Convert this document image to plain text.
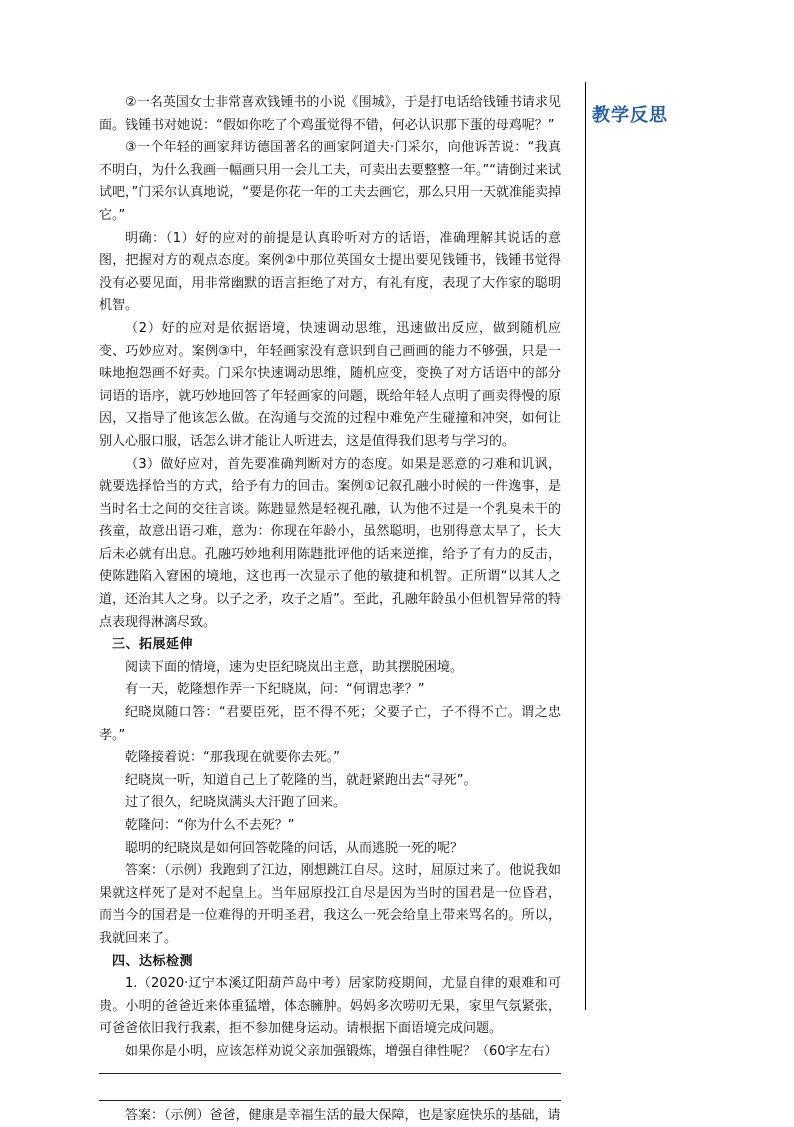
教学反思

②一名英国女士非常喜欢钱锺书的小说《围城》，于是打电话给钱锺书请求见面。钱锺书对她说：“假如你吃了个鸡蛋觉得不错，何必认识那下蛋的母鸡呢？”

③一个年轻的画家拜访德国著名的画家阿道夫·门采尔，向他诉苦说：“我真不明白，为什么我画一幅画只用一会儿工夫，可卖出去要整整一年。”“请倒过来试试吧，”门采尔认真地说，“要是你花一年的工夫去画它，那么只用一天就准能卖掉它。”

明确：（1）好的应对的前提是认真聆听对方的话语，准确理解其说话的意图，把握对方的观点态度。案例②中那位英国女士提出要见钱锺书，钱锺书觉得没有必要见面，用非常幽默的语言拒绝了对方，有礼有度，表现了大作家的聪明机智。

（2）好的应对是依据语境，快速调动思维，迅速做出反应，做到随机应变、巧妙应对。案例③中，年轻画家没有意识到自己画画的能力不够强，只是一味地抱怨画不好卖。门采尔快速调动思维，随机应变，变换了对方话语中的部分词语的语序，就巧妙地回答了年轻画家的问题，既给年轻人点明了画卖得慢的原因，又指导了他该怎么做。在沟通与交流的过程中难免产生碰撞和冲突，如何让别人心服口服，话怎么讲才能让人听进去，这是值得我们思考与学习的。

（3）做好应对，首先要准确判断对方的态度。如果是恶意的刁难和讥讽，就要选择恰当的方式，给予有力的回击。案例①记叙孔融小时候的一件逸事，是当时名士之间的交往言谈。陈韪显然是轻视孔融，认为他不过是一个乳臭未干的孩童，故意出语刁难，意为：你现在年龄小，虽然聪明，也别得意太早了，长大后未必就有出息。孔融巧妙地利用陈韪批评他的话来逆推，给予了有力的反击，使陈韪陷入窘困的境地，这也再一次显示了他的敏捷和机智。正所谓“以其人之道，还治其人之身。以子之矛，攻子之盾”。至此，孔融年龄虽小但机智异常的特点表现得淋漓尽致。

三、拓展延伸

阅读下面的情境，速为史臣纪晓岚出主意，助其摆脱困境。

有一天，乾隆想作弄一下纪晓岚，问：“何谓忠孝？”

纪晓岚随口答：“君要臣死，臣不得不死；父要子亡，子不得不亡。谓之忠孝。”

乾隆接着说：“那我现在就要你去死。”

纪晓岚一听，知道自己上了乾隆的当，就赶紧跑出去“寻死”。

过了很久，纪晓岚满头大汗跑了回来。

乾隆问：“你为什么不去死？”

聪明的纪晓岚是如何回答乾隆的问话，从而逃脱一死的呢？

答案：（示例）我跑到了江边，刚想跳江自尽。这时，屈原过来了。他说我如果就这样死了是对不起皇上。当年屈原投江自尽是因为当时的国君是一位昏君，而当今的国君是一位难得的开明圣君，我这么一死会给皇上带来骂名的。所以，我就回来了。

四、达标检测

1.（2020·辽宁本溪辽阳葫芦岛中考）居家防疫期间，尤显自律的艰难和可贵。小明的爸爸近来体重猛增，体态臃肿。妈妈多次唠叨无果，家里气氛紧张，可爸爸依旧我行我素，拒不参加健身运动。请根据下面语境完成问题。

如果你是小明，应该怎样劝说父亲加强锻炼，增强自律性呢？（60字左右）

答案：（示例）爸爸，健康是幸福生活的最大保障，也是家庭快乐的基础，请
